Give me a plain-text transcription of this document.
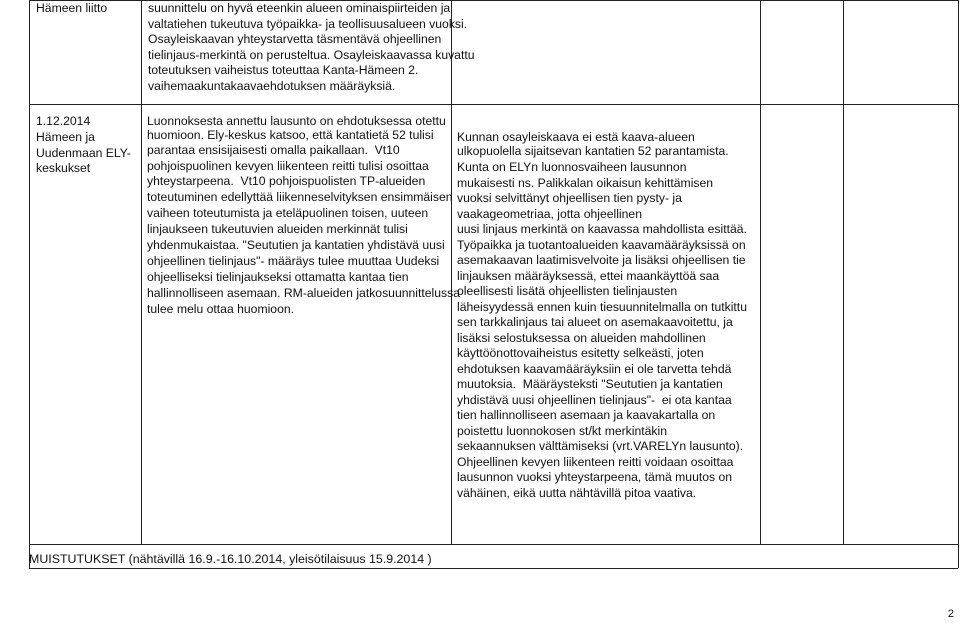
Hämeen liitto	suunnittelu on hyvä eteenkin alueen ominaispiirteiden ja
valtatiehen tukeutuva työpaikka- ja teollisuusalueen vuoksi.
Osayleiskaavan yhteystarvetta täsmentävä ohjeellinen
tielinjaus-merkintä on perusteltua. Osayleiskaavassa kuvattu
toteutuksen vaiheistus toteuttaa Kanta-Hämeen 2.
vaihemaakuntakaavaehdotuksen määräyksiä.
1.12.2014
Hämeen ja
Uudenmaan ELY-
keskukset
Luonnoksesta annettu lausunto on ehdotuksessa otettu
huomioon. Ely-keskus katsoo, että kantatietä 52 tulisi
parantaa ensisijaisesti omalla paikallaan.  Vt10
pohjoispuolinen kevyen liikenteen reitti tulisi osoittaa
yhteystarpeena.  Vt10 pohjoispuolisten TP-alueiden
toteutuminen edellyttää liikenneselvityksen ensimmäisen
vaiheen toteutumista ja eteläpuolinen toisen, uuteen
linjaukseen tukeutuvien alueiden merkinnät tulisi
yhdenmukaistaa. "Seututien ja kantatien yhdistävä uusi
ohjeellinen tielinjaus"- määräys tulee muuttaa Uudeksi
ohjeelliseksi tielinjaukseksi ottamatta kantaa tien
hallinnolliseen asemaan. RM-alueiden jatkosuunnittelussa
tulee melu ottaa huomioon.
Kunnan osayleiskaava ei estä kaava-alueen
ulkopuolella sijaitsevan kantatien 52 parantamista.
Kunta on ELYn luonnosvaiheen lausunnon
mukaisesti ns. Palikkalan oikaisun kehittämisen
vuoksi selvittänyt ohjeellisen tien pysty- ja
vaakageometriaa, jotta ohjeellinen
uusi linjaus merkintä on kaavassa mahdollista esittää.
Työpaikka ja tuotantoalueiden kaavamääräyksissä on
asemakaavan laatimisvelvoite ja lisäksi ohjeellisen tie
linjauksen määräyksessä, ettei maankäyttöä saa
oleellisesti lisätä ohjeellisten tielinjausten
läheisyydessä ennen kuin tiesuunnitelmalla on tutkittu
sen tarkkalinjaus tai alueet on asemakaavoitettu, ja
lisäksi selostuksessa on alueiden mahdollinen
käyttöönottovaiheistus esitetty selkeästi, joten
ehdotuksen kaavamääräyksiin ei ole tarvetta tehdä
muutoksia.  Määräysteksti "Seututien ja kantatien
yhdistävä uusi ohjeellinen tielinjaus"-  ei ota kantaa
tien hallinnolliseen asemaan ja kaavakartalla on
poistettu luonnokosen st/kt merkintäkin
sekaannuksen välttämiseksi (vrt.VARELYn lausunto).
Ohjeellinen kevyen liikenteen reitti voidaan osoittaa
lausunnon vuoksi yhteystarpeena, tämä muutos on
vähäinen, eikä uutta nähtävillä pitoa vaativa.
MUISTUTUKSET (nähtävillä 16.9.-16.10.2014, yleisötilaisuus 15.9.2014 )
2
